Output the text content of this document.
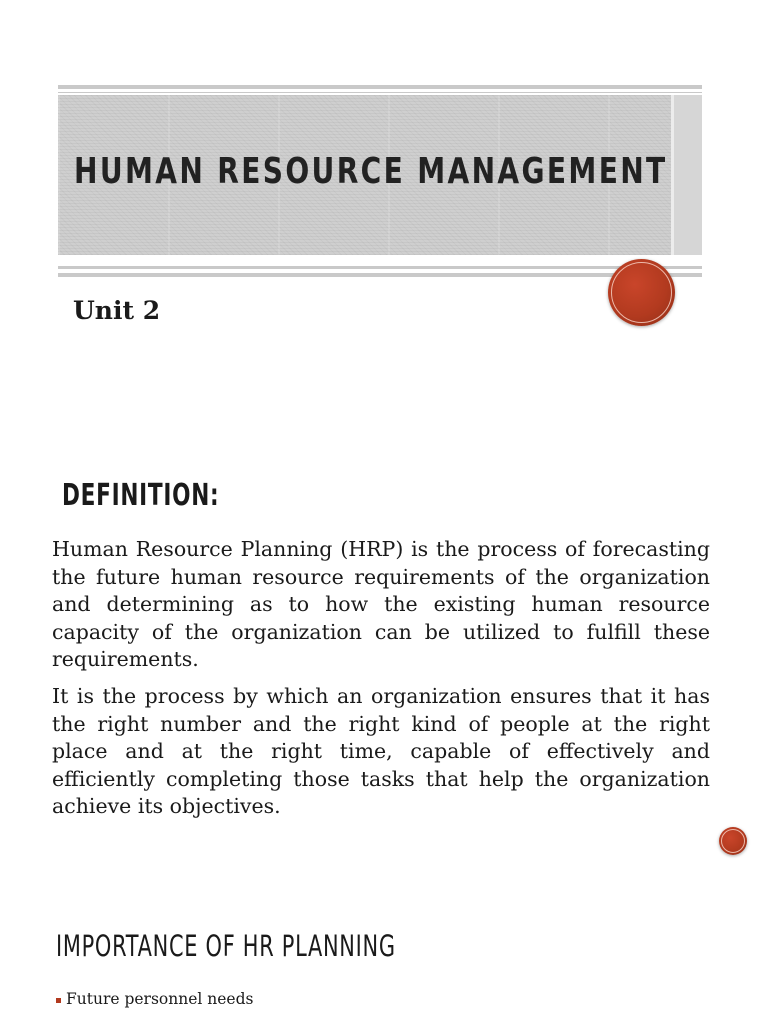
HUMAN RESOURCE MANAGEMENT
Unit 2
DEFINITION:

Human Resource Planning (HRP) is the process of forecasting the future human resource requirements of the organization and determining as to how the existing human resource capacity of the organization can be utilized to fulfill these requirements.

It is the process by which an organization ensures that it has the right number and the right kind of people at the right place and at the right time, capable of effectively and efficiently completing those tasks that help the organization achieve its objectives.

IMPORTANCE OF HR PLANNING
Future personnel needs
